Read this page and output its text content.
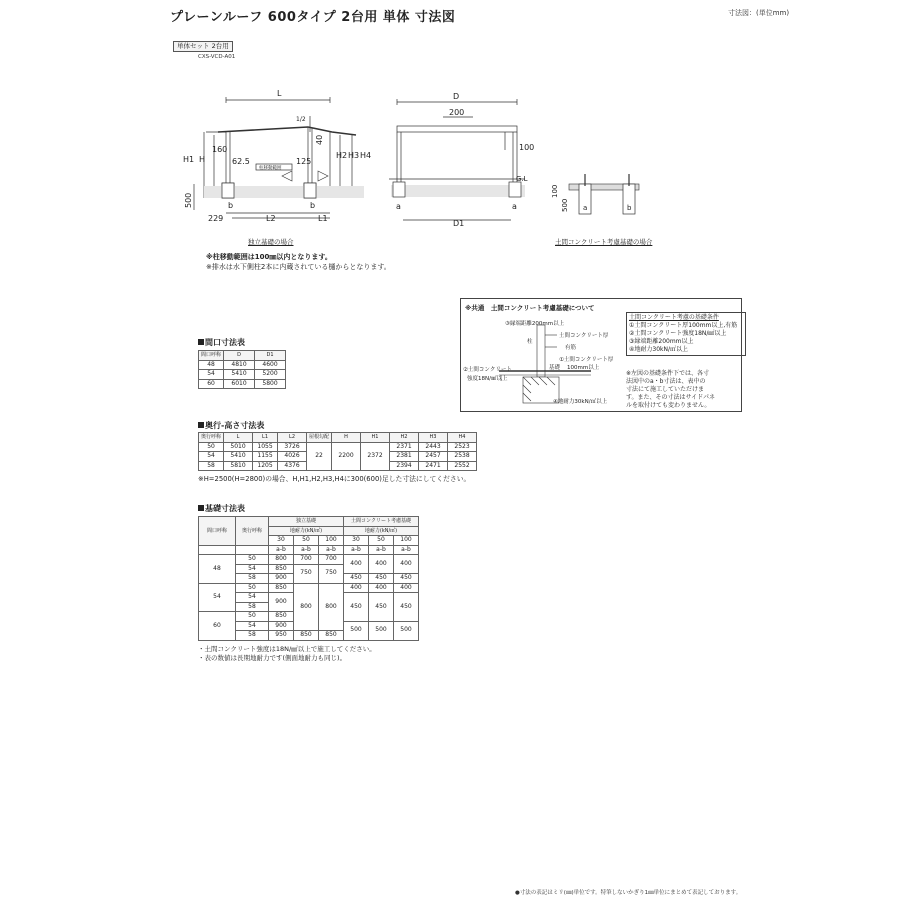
プレーンルーフ 600タイプ 2台用 単体 寸法図	寸法図：(単位mm)
単体セット 2台用
CXS-VCD-A01
L
H1 H	H2 H3 H4
160
62.5	125
40
500
229	L2	L1
b	b
1/2
柱移動範囲
D
200
100
G.L
D1
a	a
100
500 a	b
独立基礎の場合	土間コンクリート考慮基礎の場合
※柱移動範囲は100㎜以内となります。
※排水は水下側柱2本に内蔵されている樋からとなります。
※共通　土間コンクリート考慮基礎について
③縁端距離200mm以上
土間コンクリート厚
有筋
①土間コンクリート厚
基礎 100mm以上
柱
②土間コンクリート
強度18N/㎟以上
④地耐力30kN/㎡以上
土間コンクリート考慮の基礎条件
①土間コンクリート厚100mm以上,有筋
②土間コンクリート強度18N/㎟以上
③縁端距離200mm以上
④地耐力30kN/㎡以上
※左図の基礎条件下では、各寸
法図中のa・b寸法は、表中の
寸法にて施工していただけま
す。また、その寸法はサイドパネ
ルを取付けても変わりません。
間口寸法表
間口呼称	D	D1
48	4810	4600
54	5410	5200
60	6010	5800
奥行-高さ寸法表
奥行呼称	L	L1	L2	屋根勾配	H	H1	H2	H3	H4
50	5010	1055	3726	22	2200	2372	2371	2443	2523
54	5410	1155	4026				2381	2457	2538
58	5810	1205	4376				2394	2471	2552
※H=2500(H=2800)の場合、H,H1,H2,H3,H4に300(600)足した寸法にしてください。
基礎寸法表
間口呼称	奥行呼称	独立基礎			土間コンクリート考慮基礎		
		地耐力(kN/㎡)			地耐力(kN/㎡)		
		30	50	100	30	50	100
		a-b	a-b	a-b	a-b	a-b	a-b
48	50	800	700	700	400	400	400
	54	850	750	750			
	58	900			450	450	450
54	50	850	800	800	400	400	400
	54	900			450	450	450
	58						
60	50	850					
	54	900			500	500	500
	58	950	850	850			
・土間コンクリート強度は18N/㎟以上で施工してください。
・表の数値は長期地耐力です(側面地耐力も同じ)。
●寸法の表記はミリ(㎜)単位です。特筆しないかぎり1㎜単位にまとめて表記しております。
